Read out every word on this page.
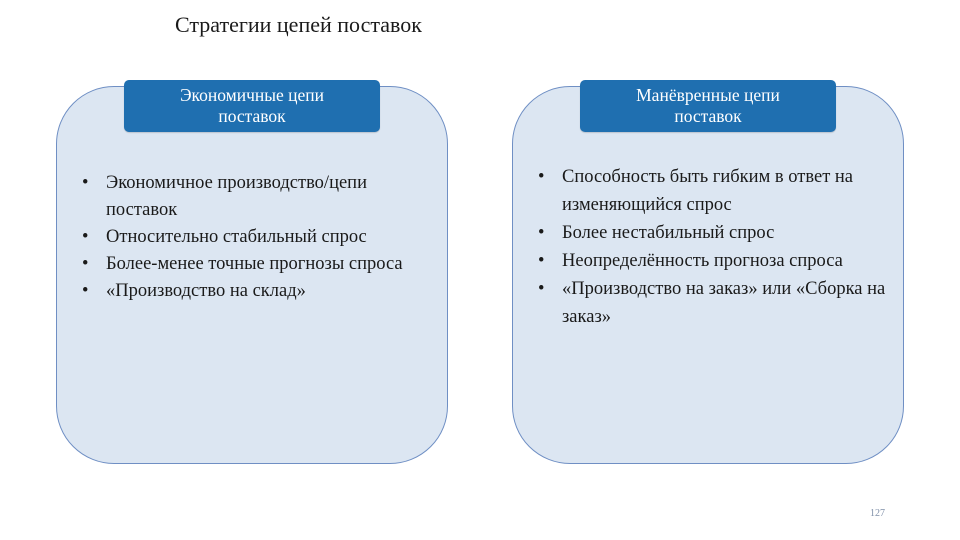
Стратегии цепей поставок
Экономичные цепи
поставок
Манёвренные цепи
поставок
• Экономичное производство/цепи поставок
• Относительно стабильный спрос
• Более-менее точные прогнозы спроса
• «Производство на склад»
• Способность быть гибким в ответ на изменяющийся спрос
• Более нестабильный спрос
• Неопределённость прогноза спроса
• «Производство на заказ» или «Сборка на заказ»
127
